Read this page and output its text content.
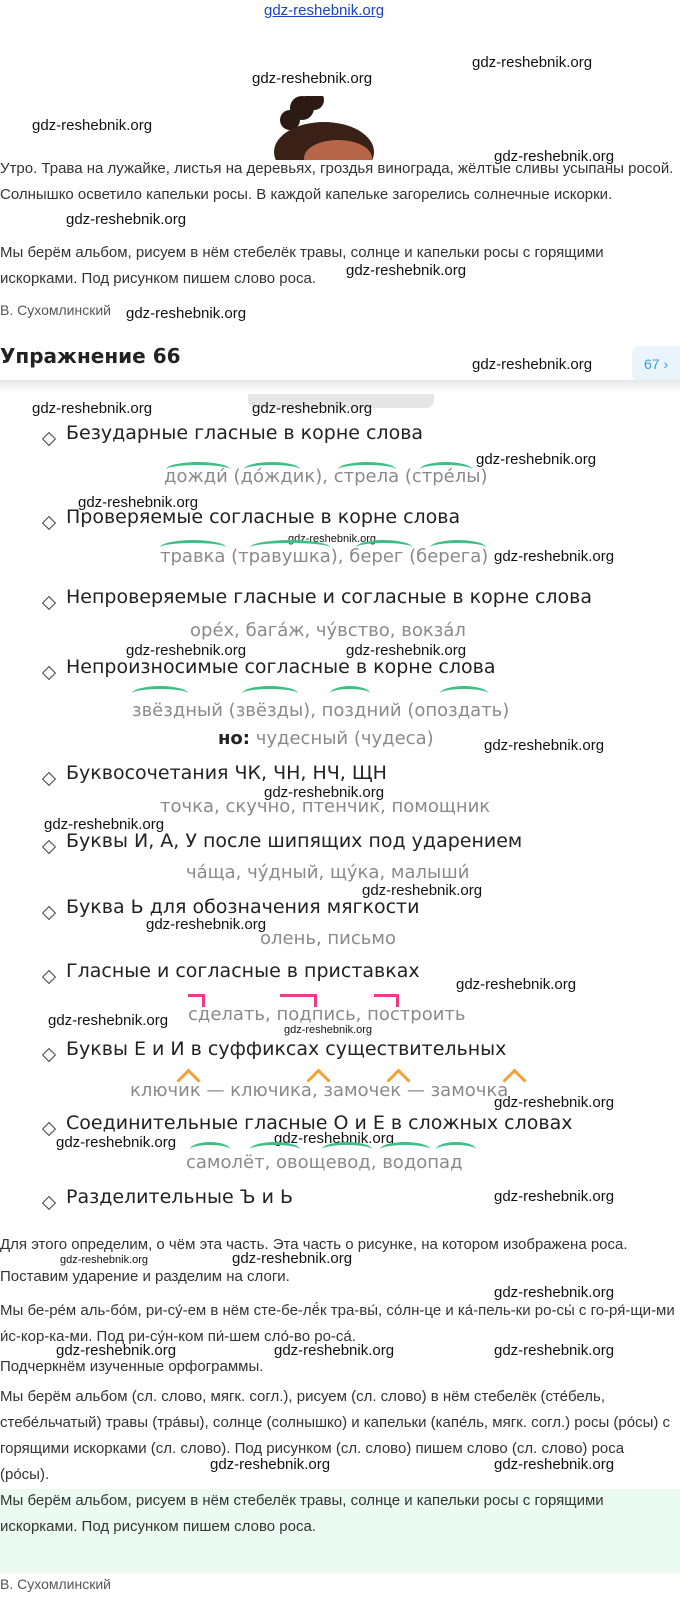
gdz-reshebnik.org
gdz-reshebnik.org
gdz-reshebnik.org
gdz-reshebnik.org
gdz-reshebnik.org
Утро. Трава на лужайке, листья на деревьях, гроздья винограда, жёлтые сливы усыпаны росой. Солнышко осветило капельки росы. В каждой капельке загорелись солнечные искорки.
gdz-reshebnik.org
Мы берём альбом, рисуем в нём стебелёк травы, солнце и капельки росы с горящими искорками. Под рисунком пишем слово роса.	gdz-reshebnik.org
В. Сухомлинский gdz-reshebnik.org
Упражнение 66	gdz-reshebnik.org	67 ›
gdz-reshebnik.org	gdz-reshebnik.org
Безударные гласные в корне слова
дожди́ (до́ждик), стрела (стре́лы)
gdz-reshebnik.org
gdz-reshebnik.org
Проверяемые согласные в корне слова
gdz-reshebnik.org
травка (травушка), берег (берега) gdz-reshebnik.org
Непроверяемые гласные и согласные в корне слова
оре́х, бага́ж, чу́вство, вокза́л
gdz-reshebnik.org	gdz-reshebnik.org
Непроизносимые согласные в корне слова
звёздный (звёзды), поздний (опоздать)
но: чудесный (чудеса)	gdz-reshebnik.org
Буквосочетания ЧК, ЧН, НЧ, ЩН
gdz-reshebnik.org
точка, скучно, птенчик, помощник
gdz-reshebnik.org
Буквы И, А, У после шипящих под ударением
ча́ща, чу́дный, щу́ка, малыши́
gdz-reshebnik.org
Буква Ь для обозначения мягкости
gdz-reshebnik.org
олень, письмо
Гласные и согласные в приставках
gdz-reshebnik.org
сделать, подпись, построить
gdz-reshebnik.org
gdz-reshebnik.org
Буквы Е и И в суффиксах существительных
ключик — ключика, замочек — замочка
gdz-reshebnik.org
Соединительные гласные О и Е в сложных словах
gdz-reshebnik.org
gdz-reshebnik.org
самолёт, овощевод, водопад
Разделительные Ъ и Ь	gdz-reshebnik.org
Для этого определим, о чём эта часть. Эта часть о рисунке, на котором изображена роса.
gdz-reshebnik.org	gdz-reshebnik.org
Поставим ударение и разделим на слоги.
gdz-reshebnik.org
Мы бе-ре́м аль-бо́м, ри-су́-ем в нём сте-бе-лё́к тра-вы́, со́лн-це и ка́-пель-ки ро-сы́ с го-ря́-щи-ми и́с-кор-ка-ми. Под ри-су́н-ком пи́-шем сло́-во ро-са́.
gdz-reshebnik.org	gdz-reshebnik.org	gdz-reshebnik.org
Подчеркнём изученные орфограммы.
Мы берём альбом (сл. слово, мягк. согл.), рисуем (сл. слово) в нём стебелёк (сте́бель, стебе́льчатый) травы (тра́вы), солнце (солнышко) и капельки (капе́ль, мягк. согл.) росы (ро́сы) с горящими искорками (сл. слово). Под рисунком (сл. слово) пишем слово (сл. слово) роса (ро́сы).
gdz-reshebnik.org	gdz-reshebnik.org
Мы берём альбом, рисуем в нём стебелёк травы, солнце и капельки росы с горящими искорками. Под рисунком пишем слово роса.
В. Сухомлинский
